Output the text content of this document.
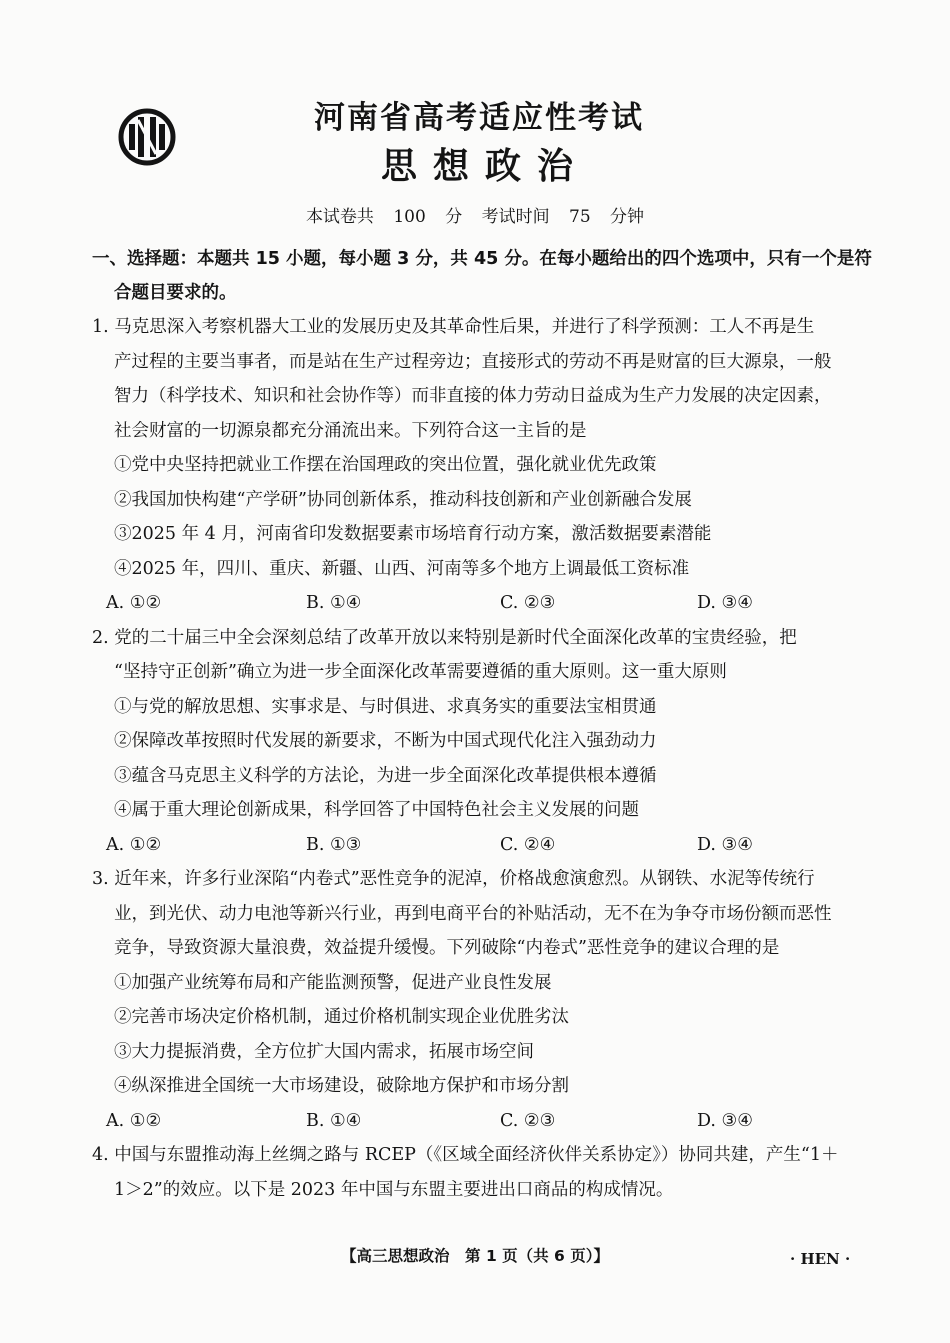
河南省高考适应性考试
思想政治
本试卷共 100 分 考试时间 75 分钟
一、选择题：本题共 15 小题，每小题 3 分，共 45 分。在每小题给出的四个选项中，只有一个是符
合题目要求的。
1. 马克思深入考察机器大工业的发展历史及其革命性后果，并进行了科学预测：工人不再是生
产过程的主要当事者，而是站在生产过程旁边；直接形式的劳动不再是财富的巨大源泉，一般
智力（科学技术、知识和社会协作等）而非直接的体力劳动日益成为生产力发展的决定因素，
社会财富的一切源泉都充分涌流出来。下列符合这一主旨的是
①党中央坚持把就业工作摆在治国理政的突出位置，强化就业优先政策
②我国加快构建“产学研”协同创新体系，推动科技创新和产业创新融合发展
③2025 年 4 月，河南省印发数据要素市场培育行动方案，激活数据要素潜能
④2025 年，四川、重庆、新疆、山西、河南等多个地方上调最低工资标准
A. ①②	B. ①④	C. ②③	D. ③④
2. 党的二十届三中全会深刻总结了改革开放以来特别是新时代全面深化改革的宝贵经验，把
“坚持守正创新”确立为进一步全面深化改革需要遵循的重大原则。这一重大原则
①与党的解放思想、实事求是、与时俱进、求真务实的重要法宝相贯通
②保障改革按照时代发展的新要求，不断为中国式现代化注入强劲动力
③蕴含马克思主义科学的方法论，为进一步全面深化改革提供根本遵循
④属于重大理论创新成果，科学回答了中国特色社会主义发展的问题
A. ①②	B. ①③	C. ②④	D. ③④
3. 近年来，许多行业深陷“内卷式”恶性竞争的泥淖，价格战愈演愈烈。从钢铁、水泥等传统行
业，到光伏、动力电池等新兴行业，再到电商平台的补贴活动，无不在为争夺市场份额而恶性
竞争，导致资源大量浪费，效益提升缓慢。下列破除“内卷式”恶性竞争的建议合理的是
①加强产业统筹布局和产能监测预警，促进产业良性发展
②完善市场决定价格机制，通过价格机制实现企业优胜劣汰
③大力提振消费，全方位扩大国内需求，拓展市场空间
④纵深推进全国统一大市场建设，破除地方保护和市场分割
A. ①②	B. ①④	C. ②③	D. ③④
4. 中国与东盟推动海上丝绸之路与 RCEP（《区域全面经济伙伴关系协定》）协同共建，产生“1＋
1＞2”的效应。以下是 2023 年中国与东盟主要进出口商品的构成情况。
【高三思想政治　第 1 页（共 6 页）】	· HEN ·
